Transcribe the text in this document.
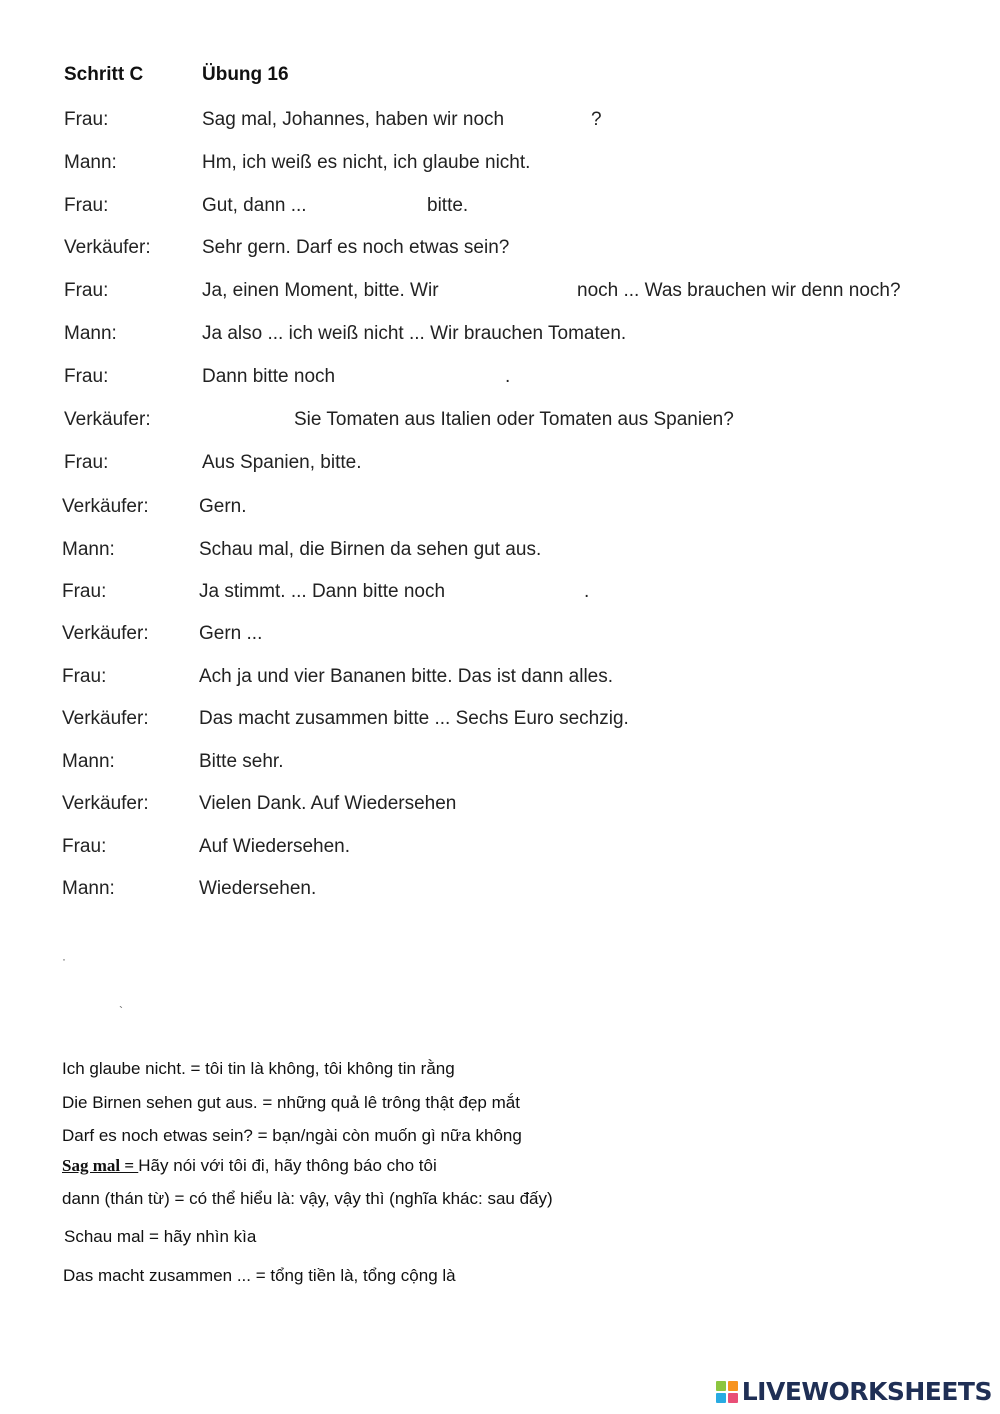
Schritt C	Übung 16
Frau:	Sag mal, Johannes, haben wir noch	?
Mann:	Hm, ich weiß es nicht, ich glaube nicht.
Frau:	Gut, dann ...	bitte.
Verkäufer:	Sehr gern. Darf es noch etwas sein?
Frau:	Ja, einen Moment, bitte. Wir	noch ... Was brauchen wir denn noch?
Mann:	Ja also ... ich weiß nicht ... Wir brauchen Tomaten.
Frau:	Dann bitte noch	.
Verkäufer:	Sie Tomaten aus Italien oder Tomaten aus Spanien?
Frau:	Aus Spanien, bitte.
Verkäufer:	Gern.
Mann:	Schau mal, die Birnen da sehen gut aus.
Frau:	Ja stimmt. ... Dann bitte noch	.
Verkäufer:	Gern ...
Frau:	Ach ja und vier Bananen bitte. Das ist dann alles.
Verkäufer:	Das macht zusammen bitte ... Sechs Euro sechzig.
Mann:	Bitte sehr.
Verkäufer:	Vielen Dank. Auf Wiedersehen
Frau:	Auf Wiedersehen.
Mann:	Wiedersehen.
·
`
Ich glaube nicht. = tôi tin là không, tôi không tin rằng
Die Birnen sehen gut aus. = những quả lê trông thật đẹp mắt
Darf es noch etwas sein? = bạn/ngài còn muốn gì nữa không
Sag mal = Hãy nói với tôi đi, hãy thông báo cho tôi
dann (thán từ) = có thể hiểu là: vậy, vậy thì (nghĩa khác: sau đấy)
Schau mal = hãy nhìn kìa
Das macht zusammen ... = tổng tiền là, tổng cộng là
LIVEWORKSHEETS
